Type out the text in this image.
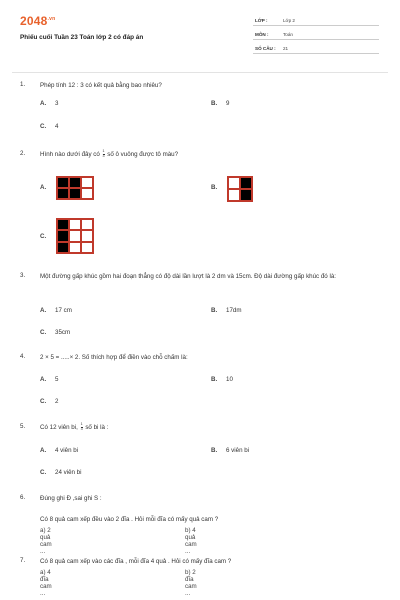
$2048^{.vn}$
Phiếu cuối Tuần 23 Toán lớp 2 có đáp án
LỚP :	Lớp 2
MÔN :	Toán
SỐ CÂU : 21
1. Phép tính 12 : 3 có kết quả bằng bao nhiêu?
A. 3	B. 9
C. 4
2. Hình nào dưới đây có $\frac{1}{3}$ số ô vuông được tô màu?
A.	B.
C.
3. Một đường gấp khúc gồm hai đoạn thẳng có độ dài lần lượt là 2 dm và 15cm. Độ dài đường gấp khúc đó là:
A. 17 cm	B. 17dm
C. 35cm
4. 2 × 5 = .....× 2. Số thích hợp để điền vào chỗ chấm là:
A. 5	B. 10
C. 2
5. Có 12 viên bi, $\frac{1}{3}$ số bi là :
A. 4 viên bi	B. 6 viên bi
C. 24 viên bi
6. Đúng ghi Đ ,sai ghi S :
Có 8 quả cam xếp đều vào 2 đĩa . Hỏi mỗi đĩa có mấy quả cam ?
a) 2 quả cam ...
b) 4 quả cam ...
7. Có 8 quả cam xếp vào các đĩa , mỗi đĩa 4 quả . Hỏi có mấy đĩa cam ?
a) 4 đĩa cam ...
b) 2 đĩa cam ...
